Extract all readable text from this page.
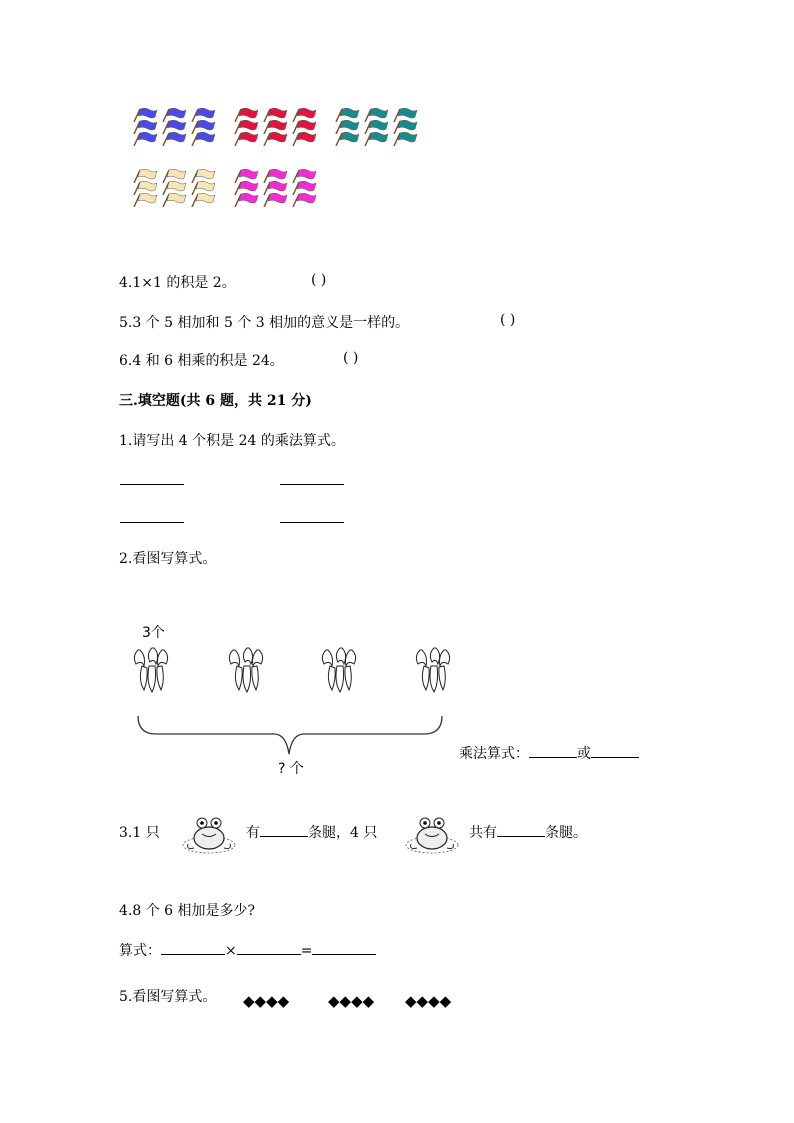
4.1×1 的积是 2。	( )
5.3 个 5 相加和 5 个 3 相加的意义是一样的。	( )
6.4 和 6 相乘的积是 24。	( )
三.填空题(共 6 题，共 21 分)
1.请写出 4 个积是 24 的乘法算式。
2.看图写算式。
3个
? 个
乘法算式：	或
3.1 只	有	条腿，4 只	共有	条腿。
4.8 个 6 相加是多少?
算式：	×	=
5.看图写算式。 ◆◆◆◆	◆◆◆◆ ◆◆◆◆
